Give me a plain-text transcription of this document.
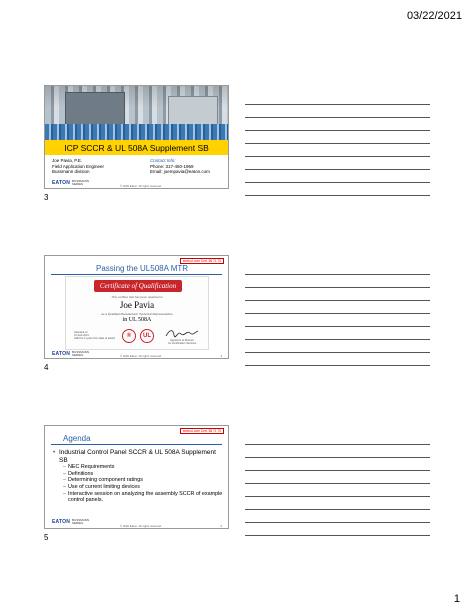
03/22/2021
ICP SCCR & UL 508A Supplement SB
Joe Pavia, P.E.
Field Application Engineer
Bussmann division
Contact Info:
Phone: 317-460-1969
Email: joempavia@eaton.com
EATON BUSSMANN
SERIES	© 2020 Eaton. All rights reserved.
3
www.ul.com Cert. 56 71 70
Passing the UL508A MTR
Certificate of Qualification
This certifies that has been awarded to
Joe Pavia
as a Qualified Manufacturer Technical Representative
in UL 508A
Awarded on
10-Feb-2021
Valid for 3 years from date of award	®	UL
Signature of Director
UL Certification Services
EATON BUSSMANN
SERIES	© 2020 Eaton. All rights reserved.	4
4
www.ul.com Cert. 56 71 70
Agenda
• Industrial Control Panel SCCR & UL 508A Supplement SB
– NEC Requirements
– Definitions
– Determining component ratings
– Use of current limiting devices
– Interactive session on analyzing the assembly SCCR of example control panels.
EATON BUSSMANN
SERIES
© 2020 Eaton. All rights reserved.	5
5
1
